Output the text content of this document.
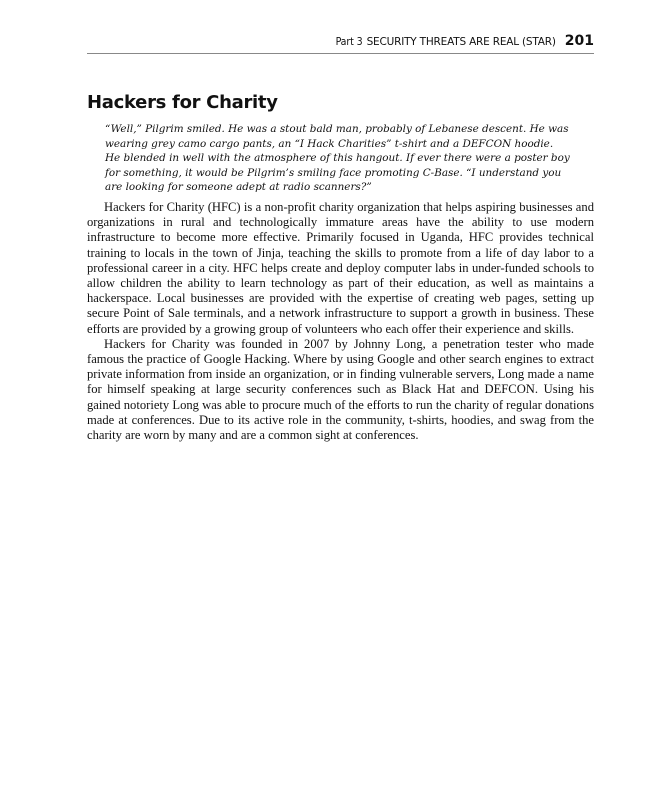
Part 3 SECURITY THREATS ARE REAL (STAR) 201
Hackers for Charity

“Well,” Pilgrim smiled. He was a stout bald man, probably of Lebanese descent. He was wearing grey camo cargo pants, an “I Hack Charities” t-shirt and a DEFCON hoodie. He blended in well with the atmosphere of this hangout. If ever there were a poster boy for something, it would be Pilgrim’s smiling face promoting C-Base. “I understand you are looking for someone adept at radio scanners?”

Hackers for Charity (HFC) is a non-profit charity organization that helps aspiring businesses and organizations in rural and technologically immature areas have the ability to use modern infrastructure to become more effective. Primarily focused in Uganda, HFC provides technical training to locals in the town of Jinja, teaching the skills to promote from a life of day labor to a professional career in a city. HFC helps create and deploy computer labs in under-funded schools to allow children the ability to learn technology as part of their education, as well as maintains a hackerspace. Local businesses are provided with the expertise of creating web pages, setting up secure Point of Sale terminals, and a network infrastructure to support a growth in business. These efforts are provided by a growing group of volunteers who each offer their experience and skills.

Hackers for Charity was founded in 2007 by Johnny Long, a penetration tester who made famous the practice of Google Hacking. Where by using Google and other search engines to extract private information from inside an organization, or in finding vulnerable servers, Long made a name for himself speaking at large security conferences such as Black Hat and DEFCON. Using his gained notoriety Long was able to procure much of the efforts to run the charity of regular donations made at conferences. Due to its active role in the community, t-shirts, hoodies, and swag from the charity are worn by many and are a common sight at conferences.
